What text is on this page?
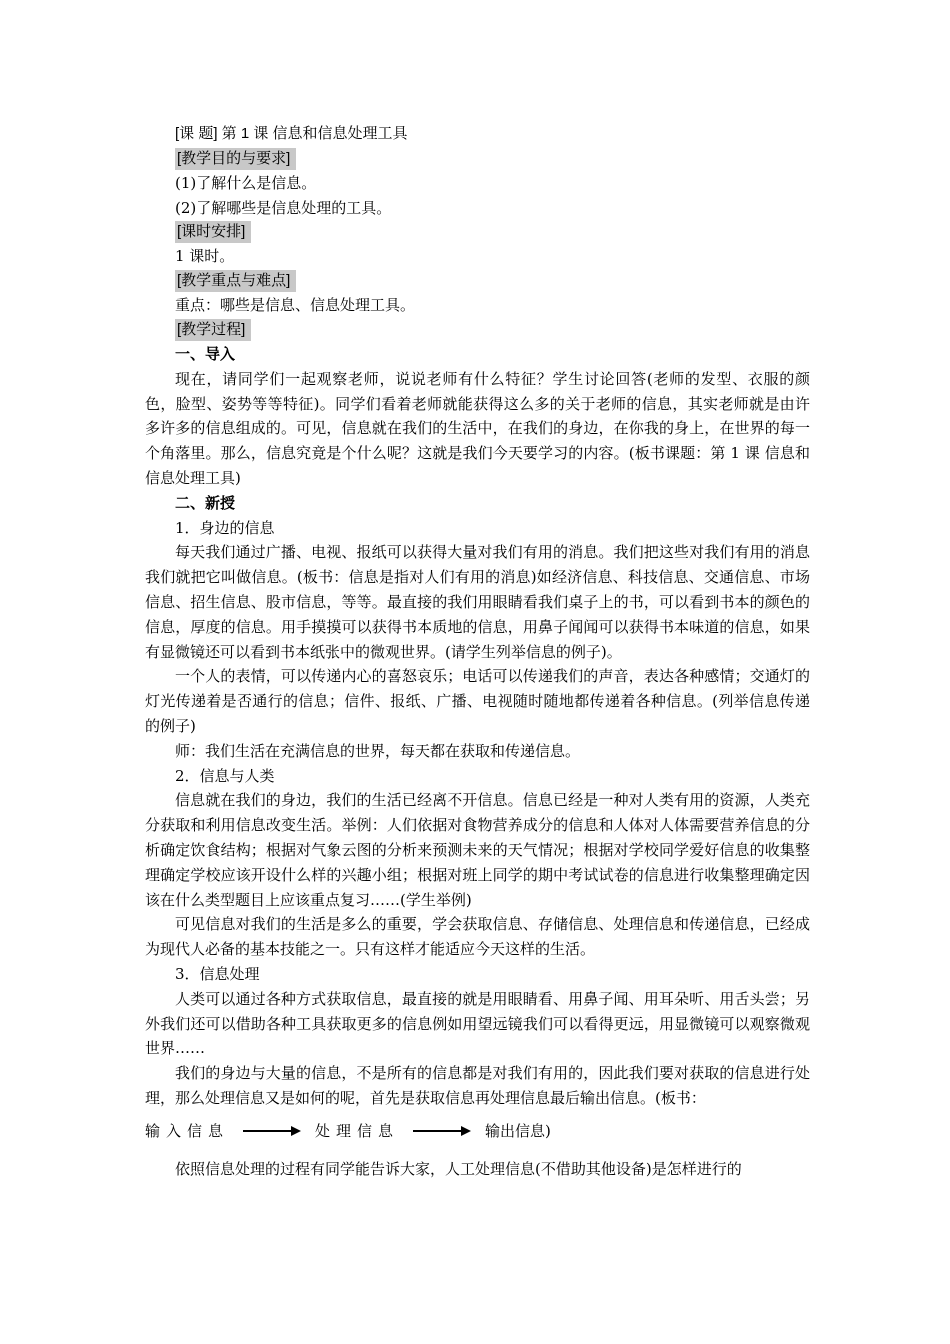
[课 题] 第 1 课 信息和信息处理工具
[教学目的与要求]
(1)了解什么是信息。
(2)了解哪些是信息处理的工具。
[课时安排]
1 课时。
[教学重点与难点]
重点：哪些是信息、信息处理工具。
[教学过程]
一、导入
现在，请同学们一起观察老师，说说老师有什么特征？学生讨论回答(老师的发型、衣服的颜色，脸型、姿势等等特征)。同学们看着老师就能获得这么多的关于老师的信息，其实老师就是由许多许多的信息组成的。可见，信息就在我们的生活中，在我们的身边，在你我的身上，在世界的每一个角落里。那么，信息究竟是个什么呢？这就是我们今天要学习的内容。(板书课题：第 1 课 信息和信息处理工具)
二、新授
1．身边的信息
每天我们通过广播、电视、报纸可以获得大量对我们有用的消息。我们把这些对我们有用的消息我们就把它叫做信息。(板书：信息是指对人们有用的消息)如经济信息、科技信息、交通信息、市场信息、招生信息、股市信息，等等。最直接的我们用眼睛看我们桌子上的书，可以看到书本的颜色的信息，厚度的信息。用手摸摸可以获得书本质地的信息，用鼻子闻闻可以获得书本味道的信息，如果有显微镜还可以看到书本纸张中的微观世界。(请学生列举信息的例子)。
一个人的表情，可以传递内心的喜怒哀乐；电话可以传递我们的声音，表达各种感情；交通灯的灯光传递着是否通行的信息；信件、报纸、广播、电视随时随地都传递着各种信息。(列举信息传递的例子)
师：我们生活在充满信息的世界，每天都在获取和传递信息。
2．信息与人类
信息就在我们的身边，我们的生活已经离不开信息。信息已经是一种对人类有用的资源，人类充分获取和利用信息改变生活。举例：人们依据对食物营养成分的信息和人体对人体需要营养信息的分析确定饮食结构；根据对气象云图的分析来预测未来的天气情况；根据对学校同学爱好信息的收集整理确定学校应该开设什么样的兴趣小组；根据对班上同学的期中考试试卷的信息进行收集整理确定因该在什么类型题目上应该重点复习……(学生举例)
可见信息对我们的生活是多么的重要，学会获取信息、存储信息、处理信息和传递信息，已经成为现代人必备的基本技能之一。只有这样才能适应今天这样的生活。
3．信息处理
人类可以通过各种方式获取信息，最直接的就是用眼睛看、用鼻子闻、用耳朵听、用舌头尝；另外我们还可以借助各种工具获取更多的信息例如用望远镜我们可以看得更远，用显微镜可以观察微观世界……
我们的身边与大量的信息，不是所有的信息都是对我们有用的，因此我们要对获取的信息进行处理，那么处理信息又是如何的呢，首先是获取信息再处理信息最后输出信息。(板书：
输入信息	处理信息	输出信息)
依照信息处理的过程有同学能告诉大家，人工处理信息(不借助其他设备)是怎样进行的
